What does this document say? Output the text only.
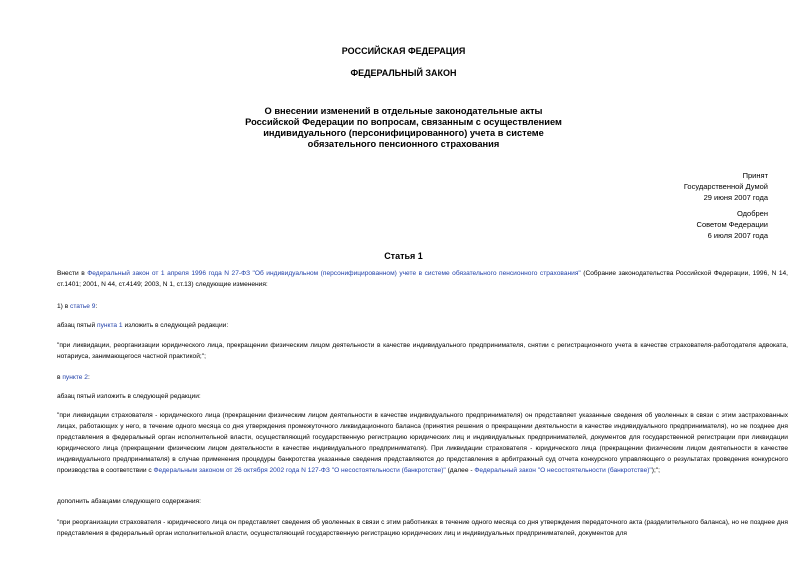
РОССИЙСКАЯ ФЕДЕРАЦИЯ
ФЕДЕРАЛЬНЫЙ ЗАКОН
О внесении изменений в отдельные законодательные акты
Российской Федерации по вопросам, связанным с осуществлением
индивидуального (персонифицированного) учета в системе
обязательного пенсионного страхования
Принят
Государственной Думой
29 июня 2007 года
Одобрен
Советом Федерации
6 июля 2007 года
Статья 1
Внести в Федеральный закон от 1 апреля 1996 года N 27-ФЗ "Об индивидуальном (персонифицированном) учете в системе обязательного пенсионного страхования" (Собрание законодательства Российской Федерации, 1996, N 14, ст.1401; 2001, N 44, ст.4149; 2003, N 1, ст.13) следующие изменения:
1) в статье 9:
абзац пятый пункта 1 изложить в следующей редакции:
"при ликвидации, реорганизации юридического лица, прекращении физическим лицом деятельности в качестве индивидуального предпринимателя, снятии с регистрационного учета в качестве страхователя-работодателя адвоката, нотариуса, занимающегося частной практикой;";
в пункте 2:
абзац пятый изложить в следующей редакции:
"при ликвидации страхователя - юридического лица (прекращении физическим лицом деятельности в качестве индивидуального предпринимателя) он представляет указанные сведения об уволенных в связи с этим застрахованных лицах, работающих у него, в течение одного месяца со дня утверждения промежуточного ликвидационного баланса (принятия решения о прекращении деятельности в качестве индивидуального предпринимателя), но не позднее дня представления в федеральный орган исполнительной власти, осуществляющий государственную регистрацию юридических лиц и индивидуальных предпринимателей, документов для государственной регистрации при ликвидации юридического лица (прекращении физическим лицом деятельности в качестве индивидуального предпринимателя). При ликвидации страхователя - юридического лица (прекращении физическим лицом деятельности в качестве индивидуального предпринимателя) в случае применения процедуры банкротства указанные сведения представляются до представления в арбитражный суд отчета конкурсного управляющего о результатах проведения конкурсного производства в соответствии с Федеральным законом от 26 октября 2002 года N 127-ФЗ "О несостоятельности (банкротстве)" (далее - Федеральный закон "О несостоятельности (банкротстве)");";
дополнить абзацами следующего содержания:
"при реорганизации страхователя - юридического лица он представляет сведения об уволенных в связи с этим работниках в течение одного месяца со дня утверждения передаточного акта (разделительного баланса), но не позднее дня представления в федеральный орган исполнительной власти, осуществляющий государственную регистрацию юридических лиц и индивидуальных предпринимателей, документов для
